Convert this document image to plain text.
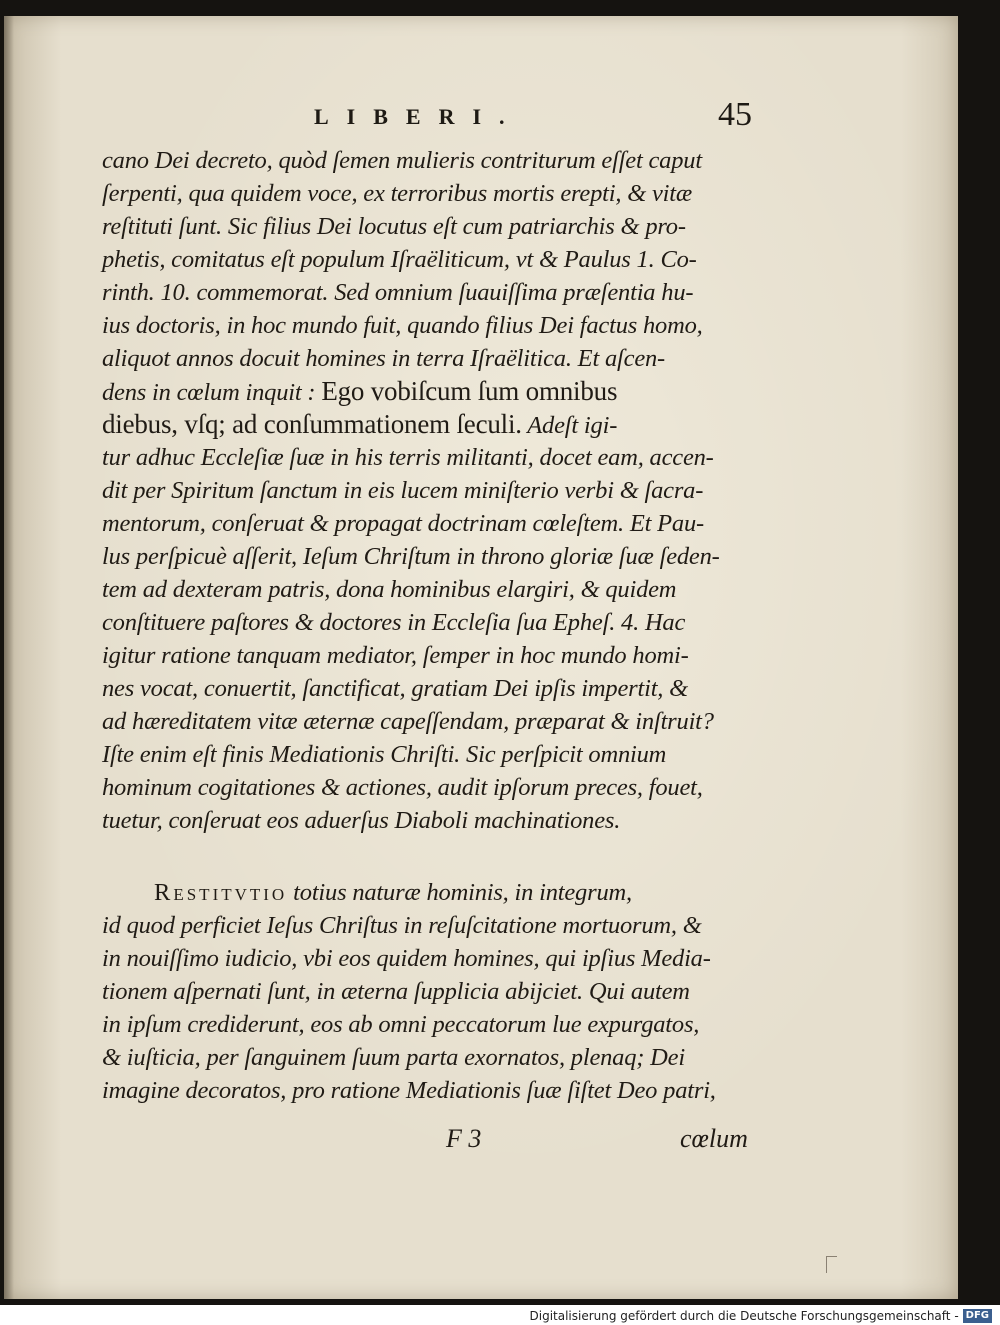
LIBERI.	45
cano Dei decreto, quòd ſemen mulieris contriturum eſſet caput
ſerpenti, qua quidem voce, ex terroribus mortis erepti, & vitæ
reſtituti ſunt. Sic filius Dei locutus eſt cum patriarchis & pro-
phetis, comitatus eſt populum Iſraëliticum, vt & Paulus 1. Co-
rinth. 10. commemorat. Sed omnium ſuauiſſima præſentia hu-
ius doctoris, in hoc mundo fuit, quando filius Dei factus homo,
aliquot annos docuit homines in terra Iſraëlitica. Et aſcen-
dens in cœlum inquit : Ego vobiſcum ſum omnibus
diebus, vſq; ad conſummationem ſeculi. Adeſt igi-
tur adhuc Eccleſiæ ſuæ in his terris militanti, docet eam, accen-
dit per Spiritum ſanctum in eis lucem miniſterio verbi & ſacra-
mentorum, conſeruat & propagat doctrinam cœleſtem. Et Pau-
lus perſpicuè aſſerit, Ieſum Chriſtum in throno gloriæ ſuæ ſeden-
tem ad dexteram patris, dona hominibus elargiri, & quidem
conſtituere paſtores & doctores in Eccleſia ſua Epheſ. 4. Hac
igitur ratione tanquam mediator, ſemper in hoc mundo homi-
nes vocat, conuertit, ſanctificat, gratiam Dei ipſis impertit, &
ad hæreditatem vitæ æternæ capeſſendam, præparat & inſtruit?
Iſte enim eſt finis Mediationis Chriſti. Sic perſpicit omnium
hominum cogitationes & actiones, audit ipſorum preces, fouet,
tuetur, conſeruat eos aduerſus Diaboli machinationes.
Restitvtio totius naturæ hominis, in integrum,
id quod perficiet Ieſus Chriſtus in reſuſcitatione mortuorum, &
in nouiſſimo iudicio, vbi eos quidem homines, qui ipſius Media-
tionem aſpernati ſunt, in æterna ſupplicia abijciet. Qui autem
in ipſum crediderunt, eos ab omni peccatorum lue expurgatos,
& iuſticia, per ſanguinem ſuum parta exornatos, plenaq; Dei
imagine decoratos, pro ratione Mediationis ſuæ ſiſtet Deo patri,
F 3	cœlum
Digitalisierung gefördert durch die Deutsche Forschungsgemeinschaft - DFG
